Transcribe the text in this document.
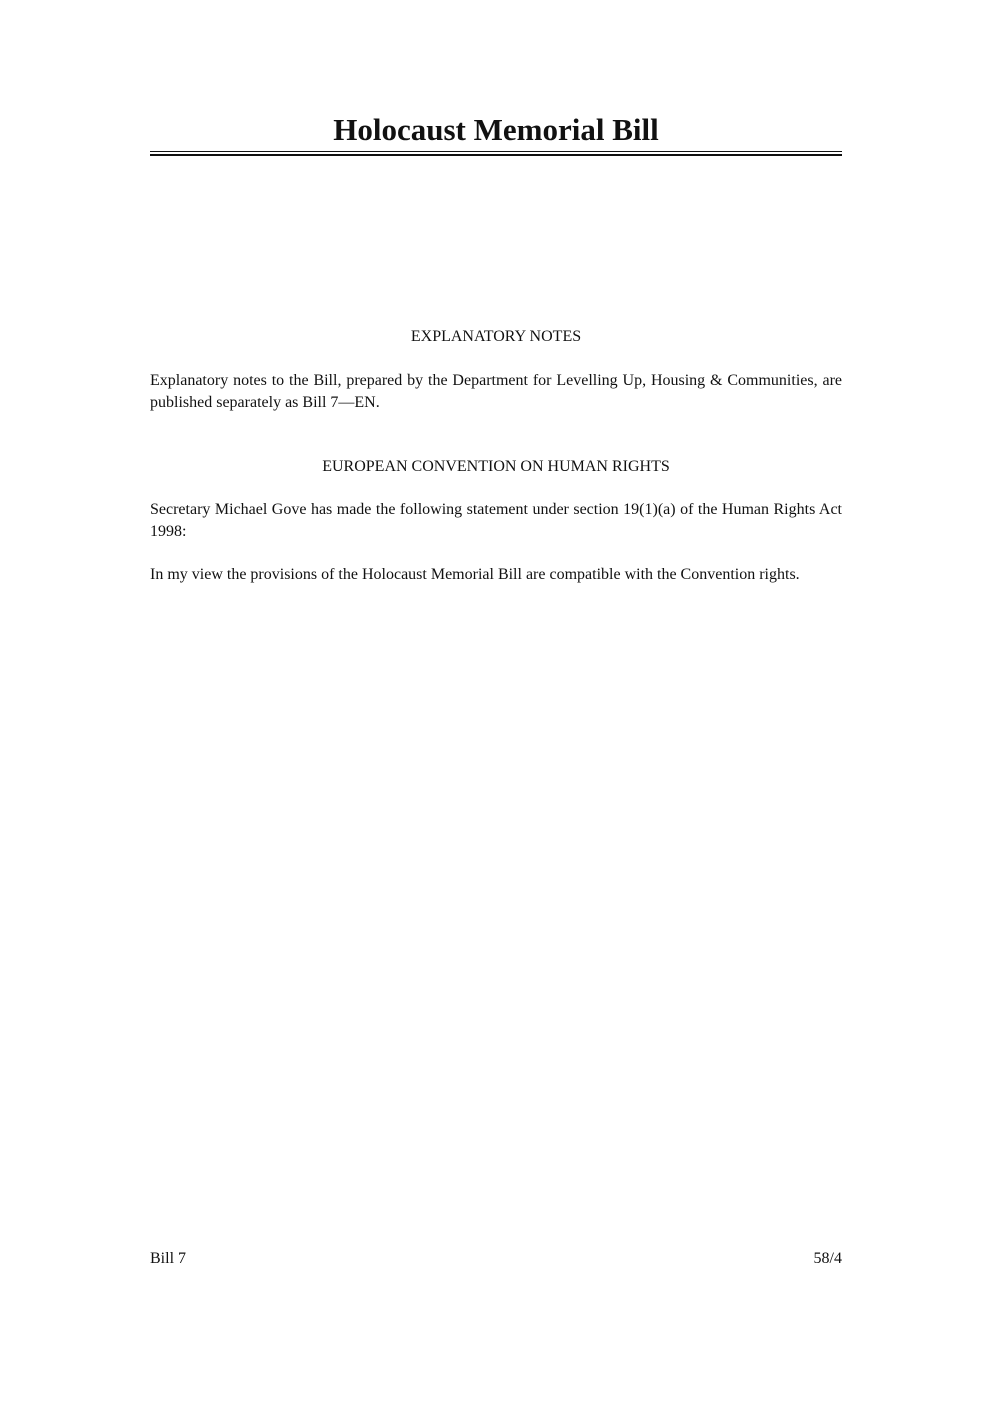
Holocaust Memorial Bill
EXPLANATORY NOTES
Explanatory notes to the Bill, prepared by the Department for Levelling Up, Housing & Communities, are published separately as Bill 7—EN.
EUROPEAN CONVENTION ON HUMAN RIGHTS
Secretary Michael Gove has made the following statement under section 19(1)(a) of the Human Rights Act 1998:
In my view the provisions of the Holocaust Memorial Bill are compatible with the Convention rights.
Bill 7	58/4
